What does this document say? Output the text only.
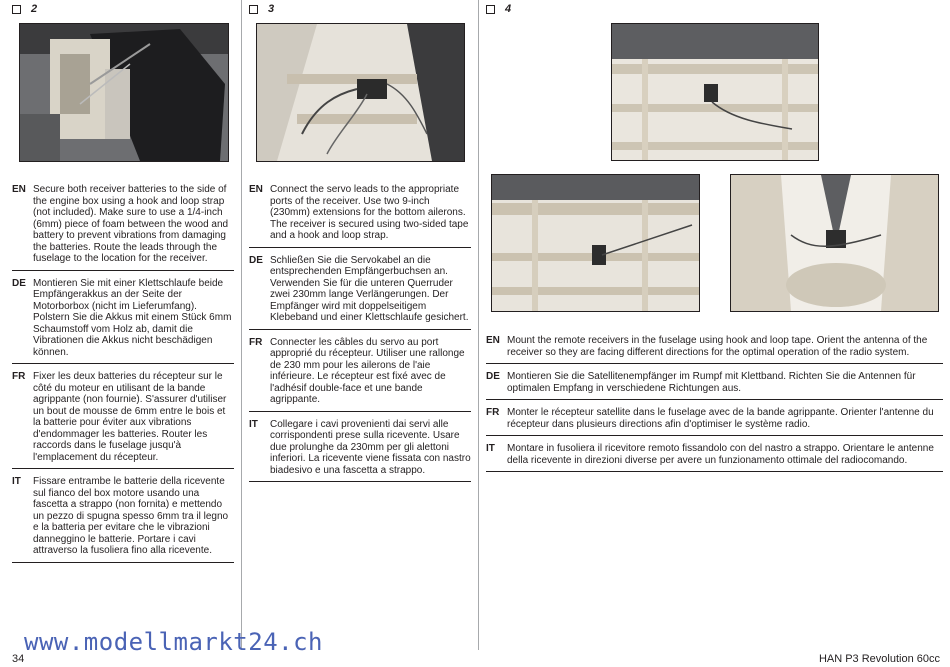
2
EN Secure both receiver batteries to the side of the engine box using a hook and loop strap (not included). Make sure to use a 1/4-inch (6mm) piece of foam between the wood and battery to prevent vibrations from damaging the batteries. Route the leads through the fuselage to the location for the receiver.
DE Montieren Sie mit einer Klettschlaufe beide Empfängerakkus an der Seite der Motorborbox (nicht im Lieferumfang). Polstern Sie die Akkus mit einem Stück 6mm Schaumstoff vom Holz ab, damit die Vibrationen die Akkus nicht beschädigen können.
FR Fixer les deux batteries du récepteur sur le côté du moteur en utilisant de la bande agrippante (non fournie). S'assurer d'utiliser un bout de mousse de 6mm entre le bois et la batterie pour éviter aux vibrations d'endommager les batteries. Router les raccords dans le fuselage jusqu'à l'emplacement du récepteur.
IT	Fissare entrambe le batterie della ricevente sul fianco del box motore usando una fascetta a strappo (non fornita) e mettendo un pezzo di spugna spesso 6mm tra il legno e la batteria per evitare che le vibrazioni danneggino le batterie. Portare i cavi attraverso la fusoliera fino alla ricevente.
3
EN Connect the servo leads to the appropriate ports of the receiver. Use two 9-inch (230mm) extensions for the bottom ailerons. The receiver is secured using two-sided tape and a hook and loop strap.
DE Schließen Sie die Servokabel an die entsprechenden Empfängerbuchsen an. Verwenden Sie für die unteren Querruder zwei 230mm lange Verlängerungen. Der Empfänger wird mit doppelseitigem Klebeband und einer Klettschlaufe gesichert.
FR Connecter les câbles du servo au port approprié du récepteur. Utiliser une rallonge de 230 mm pour les ailerons de l'aie inférieure. Le récepteur est fixé avec de l'adhésif double-face et une bande agrippante.
IT	Collegare i cavi provenienti dai servi alle corrispondenti prese sulla ricevente. Usare due prolunghe da 230mm per gli alettoni inferiori. La ricevente viene fissata con nastro biadesivo e una fascetta a strappo.
4
EN Mount the remote receivers in the fuselage using hook and loop tape. Orient the antenna of the receiver so they are facing different directions for the optimal operation of the radio system.
DE Montieren Sie die Satellitenempfänger im Rumpf mit Klettband. Richten Sie die Antennen für optimalen Empfang in verschiedene Richtungen aus.
FR Monter le récepteur satellite dans le fuselage avec de la bande agrippante. Orienter l'antenne du récepteur dans plusieurs directions afin d'optimiser le système radio.
IT	Montare in fusoliera il ricevitore remoto fissandolo con del nastro a strappo. Orientare le antenne della ricevente in direzioni diverse per avere un funzionamento ottimale del radiocomando.
www.modellmarkt24.ch
34	HAN P3 Revolution 60cc
